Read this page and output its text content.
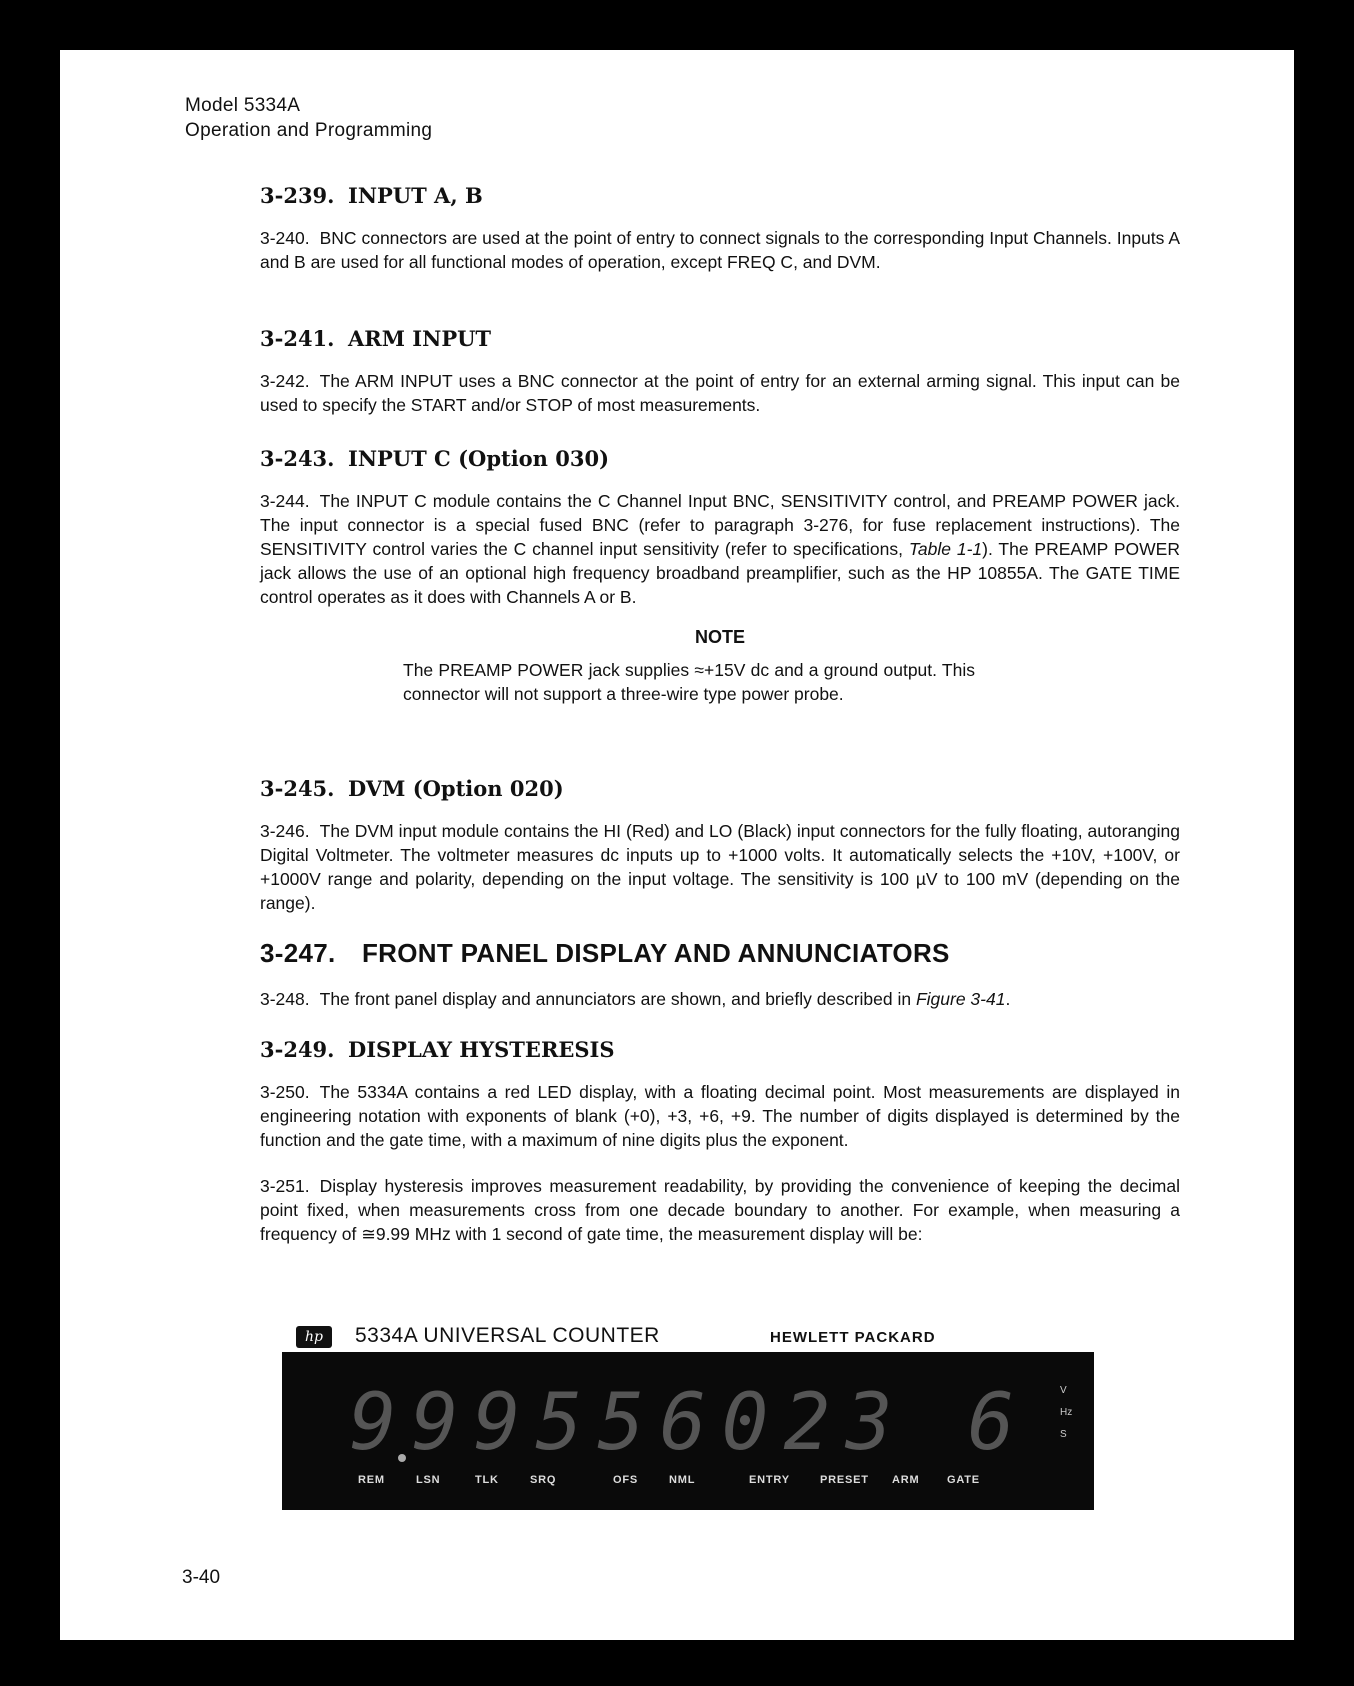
Model 5334A
Operation and Programming
3-239. INPUT A, B

3-240. BNC connectors are used at the point of entry to connect signals to the corresponding Input Channels. Inputs A and B are used for all functional modes of operation, except FREQ C, and DVM.

3-241. ARM INPUT

3-242. The ARM INPUT uses a BNC connector at the point of entry for an external arming signal. This input can be used to specify the START and/or STOP of most measurements.

3-243. INPUT C (Option 030)

3-244. The INPUT C module contains the C Channel Input BNC, SENSITIVITY control, and PREAMP POWER jack. The input connector is a special fused BNC (refer to paragraph 3-276, for fuse replacement instructions). The SENSITIVITY control varies the C channel input sensitivity (refer to specifications, Table 1-1). The PREAMP POWER jack allows the use of an optional high frequency broadband preamplifier, such as the HP 10855A. The GATE TIME control operates as it does with Channels A or B.

NOTE
The PREAMP POWER jack supplies ≈+15V dc and a ground output. This connector will not support a three-wire type power probe.
3-245. DVM (Option 020)

3-246. The DVM input module contains the HI (Red) and LO (Black) input connectors for the fully floating, autoranging Digital Voltmeter. The voltmeter measures dc inputs up to +1000 volts. It automatically selects the +10V, +100V, or +1000V range and polarity, depending on the input voltage. The sensitivity is 100 µV to 100 mV (depending on the range).

3-247. FRONT PANEL DISPLAY AND ANNUNCIATORS

3-248. The front panel display and annunciators are shown, and briefly described in Figure 3-41.

3-249. DISPLAY HYSTERESIS

3-250. The 5334A contains a red LED display, with a floating decimal point. Most measurements are displayed in engineering notation with exponents of blank (+0), +3, +6, +9. The number of digits displayed is determined by the function and the gate time, with a maximum of nine digits plus the exponent.

3-251. Display hysteresis improves measurement readability, by providing the convenience of keeping the decimal point fixed, when measurements cross from one decade boundary to another. For example, when measuring a frequency of ≅9.99 MHz with 1 second of gate time, the measurement display will be:

hp	5334A UNIVERSAL COUNTER	HEWLETT PACKARD
9 9 9 5 5 6 0 2 3 6	V
Hz
S
REM	LSN	TLK	SRQ	OFS	NML	ENTRY	PRESET ARM	GATE
3-40
